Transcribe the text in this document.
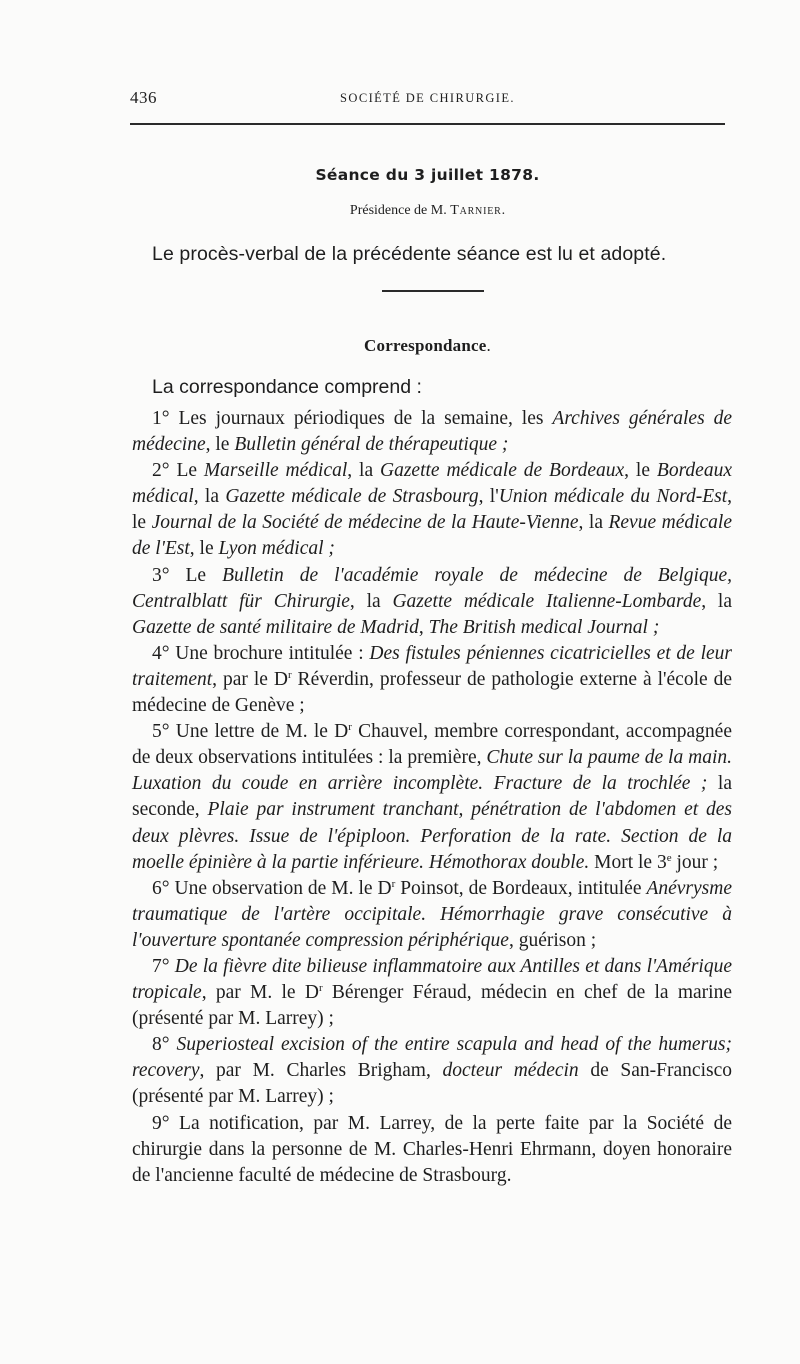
436	SOCIÉTÉ DE CHIRURGIE.
Séance du 3 juillet 1878.
Présidence de M. Tarnier.
Le procès-verbal de la précédente séance est lu et adopté.
Correspondance.
La correspondance comprend :

1° Les journaux périodiques de la semaine, les Archives générales de médecine, le Bulletin général de thérapeutique ;

2° Le Marseille médical, la Gazette médicale de Bordeaux, le Bordeaux médical, la Gazette médicale de Strasbourg, l'Union médicale du Nord-Est, le Journal de la Société de médecine de la Haute-Vienne, la Revue médicale de l'Est, le Lyon médical ;

3° Le Bulletin de l'académie royale de médecine de Belgique, Centralblatt für Chirurgie, la Gazette médicale Italienne-Lombarde, la Gazette de santé militaire de Madrid, The British medical Journal ;

4° Une brochure intitulée : Des fistules péniennes cicatricielles et de leur traitement, par le $D^r$ Réverdin, professeur de pathologie externe à l'école de médecine de Genève ;

5° Une lettre de M. le $D^r$ Chauvel, membre correspondant, accompagnée de deux observations intitulées : la première, Chute sur la paume de la main. Luxation du coude en arrière incomplète. Fracture de la trochlée ; la seconde, Plaie par instrument tranchant, pénétration de l'abdomen et des deux plèvres. Issue de l'épiploon. Perforation de la rate. Section de la moelle épinière à la partie inférieure. Hémothorax double. Mort le 3e jour ;

6° Une observation de M. le $D^r$ Poinsot, de Bordeaux, intitulée Anévrysme traumatique de l'artère occipitale. Hémorrhagie grave consécutive à l'ouverture spontanée compression périphérique, guérison ;

7° De la fièvre dite bilieuse inflammatoire aux Antilles et dans l'Amérique tropicale, par M. le $D^r$ Bérenger Féraud, médecin en chef de la marine (présenté par M. Larrey) ;

8° Superiosteal excision of the entire scapula and head of the humerus; recovery, par M. Charles Brigham, docteur médecin de San-Francisco (présenté par M. Larrey) ;

9° La notification, par M. Larrey, de la perte faite par la Société de chirurgie dans la personne de M. Charles-Henri Ehrmann, doyen honoraire de l'ancienne faculté de médecine de Strasbourg.
